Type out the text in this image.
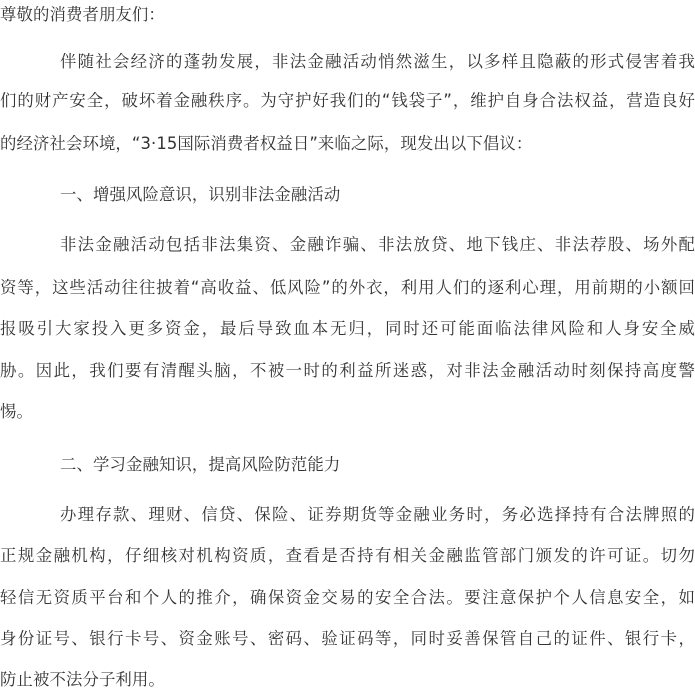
尊敬的消费者朋友们：
伴随社会经济的蓬勃发展，非法金融活动悄然滋生，以多样且隐蔽的形式侵害着我
们的财产安全，破坏着金融秩序。为守护好我们的“钱袋子”，维护自身合法权益，营造良好
的经济社会环境，“3·15国际消费者权益日”来临之际，现发出以下倡议：
一、增强风险意识，识别非法金融活动
非法金融活动包括非法集资、金融诈骗、非法放贷、地下钱庄、非法荐股、场外配
资等，这些活动往往披着“高收益、低风险”的外衣，利用人们的逐利心理，用前期的小额回
报吸引大家投入更多资金，最后导致血本无归，同时还可能面临法律风险和人身安全威
胁。因此，我们要有清醒头脑，不被一时的利益所迷惑，对非法金融活动时刻保持高度警
惕。
二、学习金融知识，提高风险防范能力
办理存款、理财、信贷、保险、证券期货等金融业务时，务必选择持有合法牌照的
正规金融机构，仔细核对机构资质，查看是否持有相关金融监管部门颁发的许可证。切勿
轻信无资质平台和个人的推介，确保资金交易的安全合法。要注意保护个人信息安全，如
身份证号、银行卡号、资金账号、密码、验证码等，同时妥善保管自己的证件、银行卡，
防止被不法分子利用。
